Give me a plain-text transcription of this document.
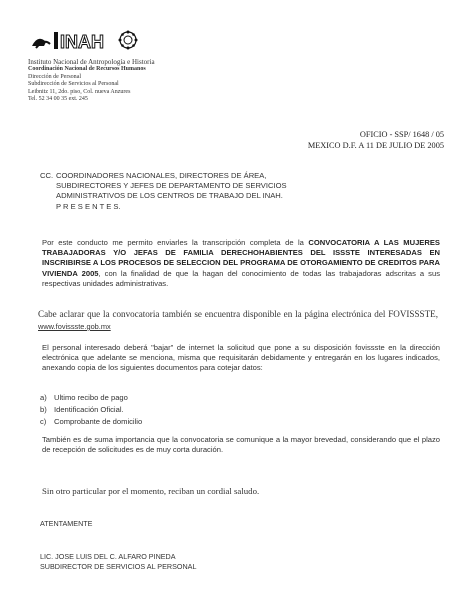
INAH
Instituto Nacional de Antropología e Historia
Coordinación Nacional de Recursos Humanos
Dirección de Personal
Subdirección de Servicios al Personal
Leibnitz 11, 2do. piso, Col. nueva Anzures
Tel. 52 34 00 35 ext. 245
OFICIO - SSP/ 1648 / 05
MEXICO D.F. A 11 DE JULIO DE 2005
CC. COORDINADORES NACIONALES, DIRECTORES DE ÁREA,
SUBDIRECTORES Y JEFES DE DEPARTAMENTO DE SERVICIOS
ADMINISTRATIVOS DE LOS CENTROS DE TRABAJO DEL INAH.
P R E S E N T E S.
Por este conducto me permito enviarles la transcripción completa de la CONVOCATORIA A LAS MUJERES TRABAJADORAS Y/O JEFAS DE FAMILIA DERECHOHABIENTES DEL ISSSTE INTERESADAS EN INSCRIBIRSE A LOS PROCESOS DE SELECCION DEL PROGRAMA DE OTORGAMIENTO DE CREDITOS PARA VIVIENDA 2005, con la finalidad de que la hagan del conocimiento de todas las trabajadoras adscritas a sus respectivas unidades administrativas.
Cabe aclarar que la convocatoria también se encuentra disponible en la página electrónica del FOVISSSTE, www.fovissste.gob.mx
El personal interesado deberá "bajar" de internet la solicitud que pone a su disposición fovissste en la dirección electrónica que adelante se menciona, misma que requisitarán debidamente y entregarán en los lugares indicados, anexando copia de los siguientes documentos para cotejar datos:
a) Ultimo recibo de pago
b) Identificación Oficial.
c) Comprobante de domicilio
También es de suma importancia que la convocatoria se comunique a la mayor brevedad, considerando que el plazo de recepción de solicitudes es de muy corta duración.
Sin otro particular por el momento, reciban un cordial saludo.
ATENTAMENTE
LIC. JOSE LUIS DEL C. ALFARO PINEDA
SUBDIRECTOR DE SERVICIOS AL PERSONAL
